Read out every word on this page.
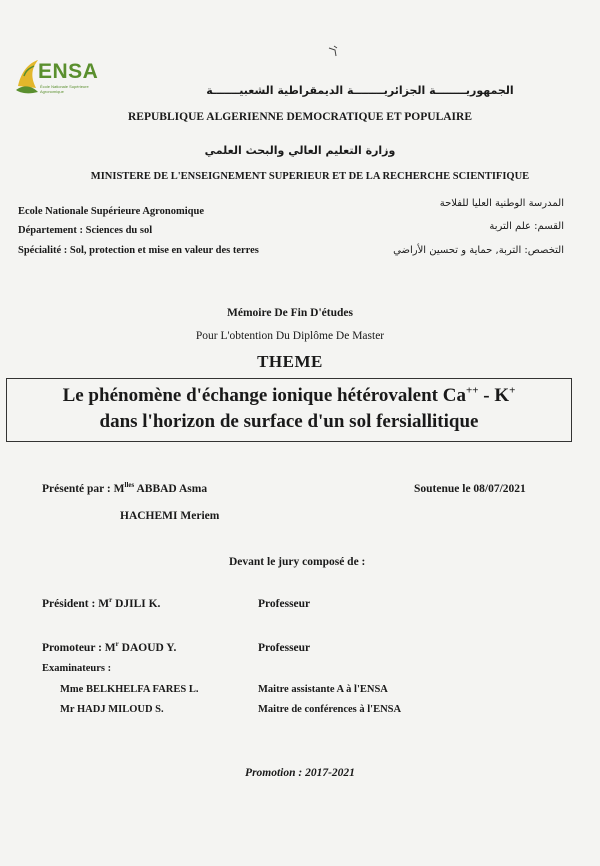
ENSA
École Nationale Supérieure Agronomique	الجمهوريــــــــة الجزائريــــــــة الديمقراطية الشعبيـــــــة
REPUBLIQUE ALGERIENNE DEMOCRATIQUE ET POPULAIRE
وزارة التعليم العالي والبحث العلمي
MINISTERE DE L'ENSEIGNEMENT SUPERIEUR ET DE LA RECHERCHE SCIENTIFIQUE
Ecole Nationale Supérieure Agronomique
Département : Sciences du sol
Spécialité : Sol, protection et mise en valeur des terres
المدرسة الوطنية العليا للفلاحة
القسم: علم التربة
التخصص: التربة, حماية و تحسين الأراضي
Mémoire De Fin D'études
Pour L'obtention Du Diplôme De Master
THEME
Le phénomène d'échange ionique hétérovalent Ca++ - K+
dans l'horizon de surface d'un sol fersiallitique
Présenté par : $M^{lles}$ ABBAD Asma
HACHEMI Meriem
Soutenue le 08/07/2021
Devant le jury composé de :
Président : $M^r$ DJILI K.	Professeur
Promoteur : $M^r$ DAOUD Y.	Professeur
Examinateurs :
Mme BELKHELFA FARES L.	Maitre assistante A à l'ENSA
Mr HADJ MILOUD S.	Maitre de conférences à l'ENSA
Promotion : 2017-2021
